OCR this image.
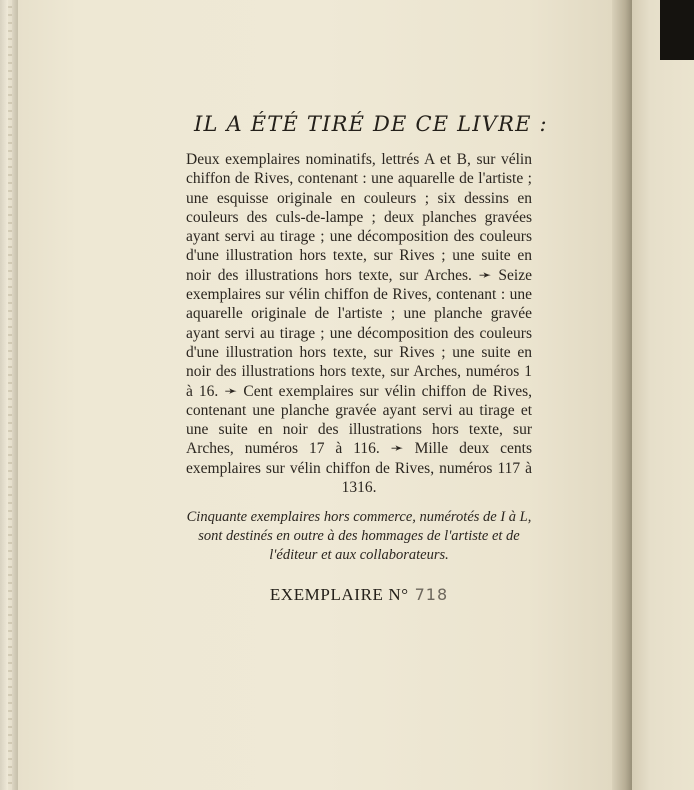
IL A ÉTÉ TIRÉ DE CE LIVRE :

Deux exemplaires nominatifs, lettrés A et B, sur vélin chiffon de Rives, contenant : une aquarelle de l'artiste ; une esquisse originale en couleurs ; six dessins en couleurs des culs-de-lampe ; deux planches gravées ayant servi au tirage ; une décomposition des couleurs d'une illustration hors texte, sur Rives ; une suite en noir des illustrations hors texte, sur Arches. ➛ Seize exemplaires sur vélin chiffon de Rives, contenant : une aquarelle originale de l'artiste ; une planche gravée ayant servi au tirage ; une décomposition des couleurs d'une illustration hors texte, sur Rives ; une suite en noir des illustrations hors texte, sur Arches, numéros 1 à 16. ➛ Cent exemplaires sur vélin chiffon de Rives, contenant une planche gravée ayant servi au tirage et une suite en noir des illustrations hors texte, sur Arches, numéros 17 à 116. ➛ Mille deux cents exemplaires sur vélin chiffon de Rives, numéros 117 à 1316.

Cinquante exemplaires hors commerce, numérotés de I à L, sont destinés en outre à des hommages de l'artiste et de l'éditeur et aux collaborateurs.

EXEMPLAIRE N° 718
